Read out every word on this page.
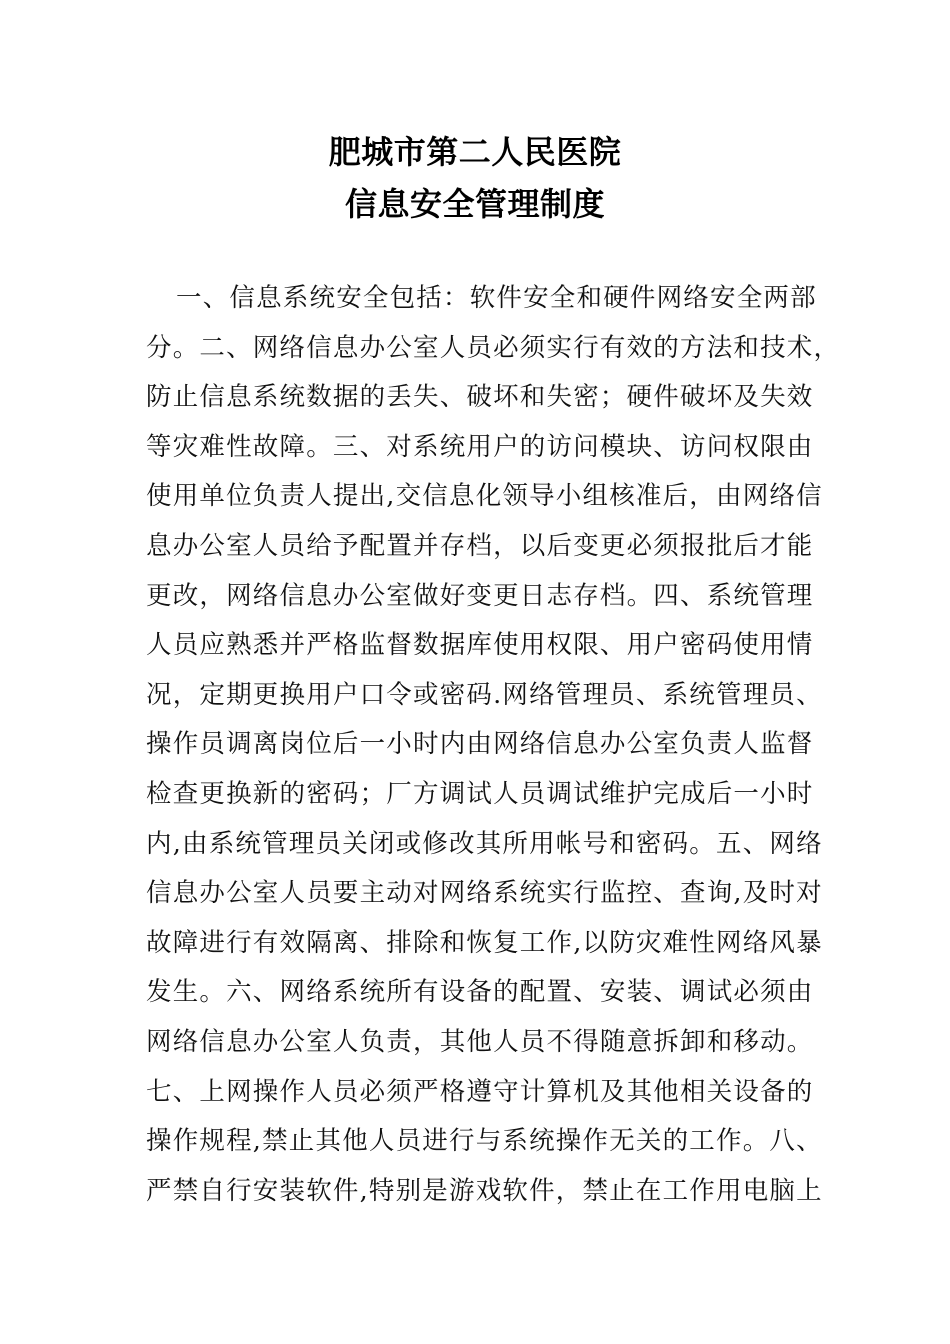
肥城市第二人民医院
信息安全管理制度
一、信息系统安全包括：软件安全和硬件网络安全两部
分。二、网络信息办公室人员必须实行有效的方法和技术，
防止信息系统数据的丢失、破坏和失密；硬件破坏及失效
等灾难性故障。三、对系统用户的访问模块、访问权限由
使用单位负责人提出,交信息化领导小组核准后，由网络信
息办公室人员给予配置并存档，以后变更必须报批后才能
更改，网络信息办公室做好变更日志存档。四、系统管理
人员应熟悉并严格监督数据库使用权限、用户密码使用情
况，定期更换用户口令或密码.网络管理员、系统管理员、
操作员调离岗位后一小时内由网络信息办公室负责人监督
检查更换新的密码；厂方调试人员调试维护完成后一小时
内,由系统管理员关闭或修改其所用帐号和密码。五、网络
信息办公室人员要主动对网络系统实行监控、查询,及时对
故障进行有效隔离、排除和恢复工作,以防灾难性网络风暴
发生。六、网络系统所有设备的配置、安装、调试必须由
网络信息办公室人负责，其他人员不得随意拆卸和移动。
七、上网操作人员必须严格遵守计算机及其他相关设备的
操作规程,禁止其他人员进行与系统操作无关的工作。八、
严禁自行安装软件,特别是游戏软件，禁止在工作用电脑上
